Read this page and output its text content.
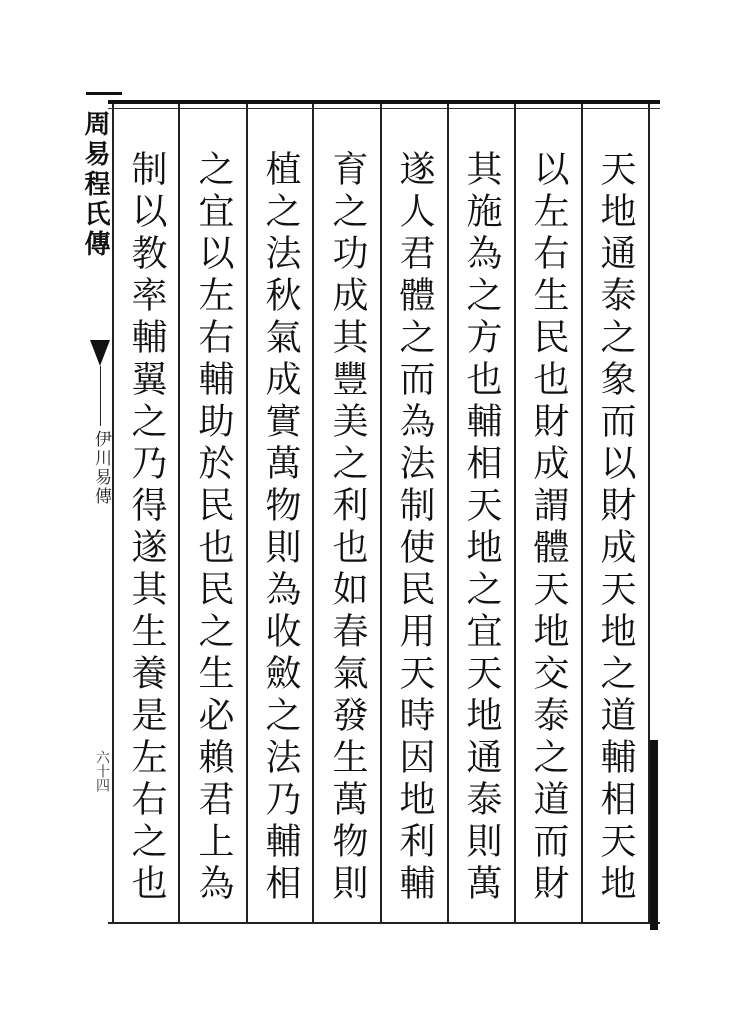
周易程氏傳
伊川易傳
六十四
天地通泰之象而以財成天地之道輔相天地
以左右生民也財成謂體天地交泰之道而財
其施為之方也輔相天地之宜天地通泰則萬
遂人君體之而為法制使民用天時因地利輔
育之功成其豐美之利也如春氣發生萬物則
植之法秋氣成實萬物則為收斂之法乃輔相
之宜以左右輔助於民也民之生必賴君上為
制以教率輔翼之乃得遂其生養是左右之也
